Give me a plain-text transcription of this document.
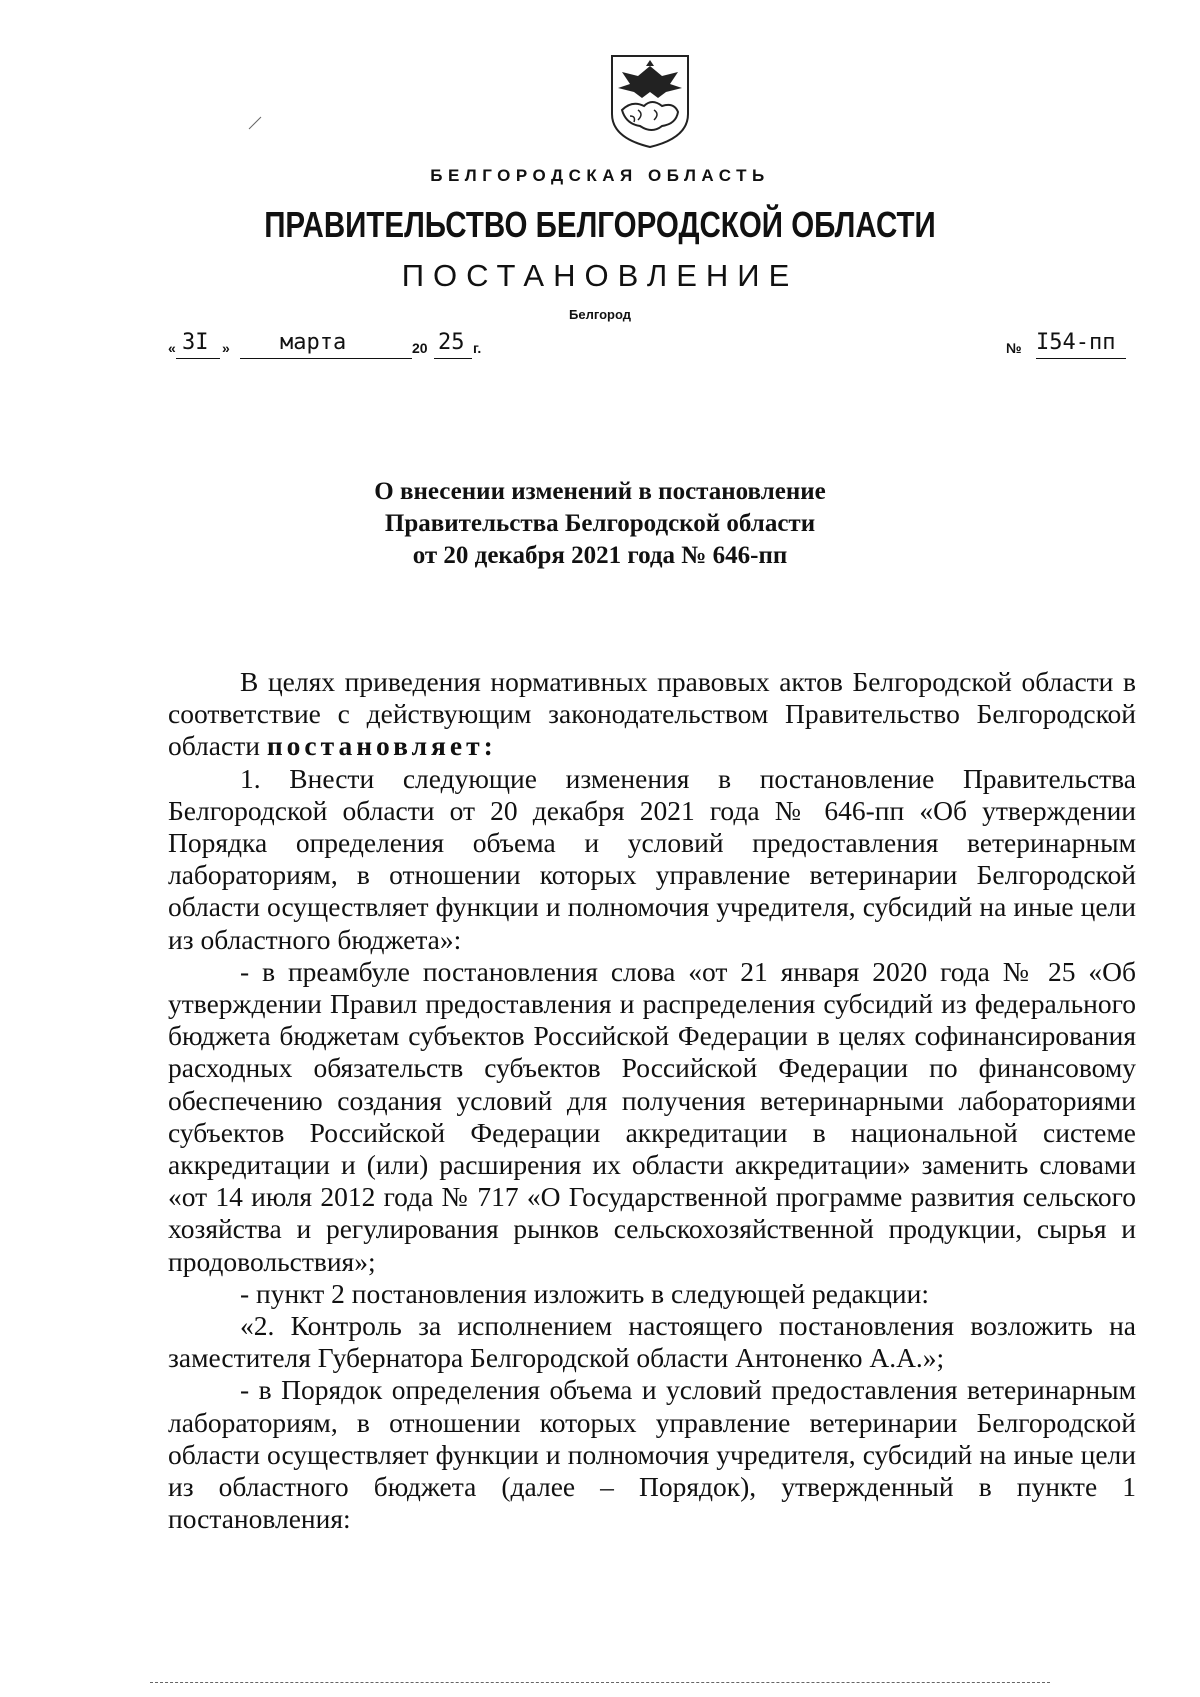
БЕЛГОРОДСКАЯ ОБЛАСТЬ
ПРАВИТЕЛЬСТВО БЕЛГОРОДСКОЙ ОБЛАСТИ
ПОСТАНОВЛЕНИЕ
Белгород
« 3I » марта	20 25 г.	№ I54-пп
О внесении изменений в постановление
Правительства Белгородской области
от 20 декабря 2021 года № 646-пп

В целях приведения нормативных правовых актов Белгородской области в соответствие с действующим законодательством Правительство Белгородской области постановляет:

1. Внести следующие изменения в постановление Правительства Белгородской области от 20 декабря 2021 года № 646-пп «Об утверждении Порядка определения объема и условий предоставления ветеринарным лабораториям, в отношении которых управление ветеринарии Белгородской области осуществляет функции и полномочия учредителя, субсидий на иные цели из областного бюджета»:

- в преамбуле постановления слова «от 21 января 2020 года № 25 «Об утверждении Правил предоставления и распределения субсидий из федерального бюджета бюджетам субъектов Российской Федерации в целях софинансирования расходных обязательств субъектов Российской Федерации по финансовому обеспечению создания условий для получения ветеринарными лабораториями субъектов Российской Федерации аккредитации в национальной системе аккредитации и (или) расширения их области аккредитации» заменить словами «от 14 июля 2012 года № 717 «О Государственной программе развития сельского хозяйства и регулирования рынков сельскохозяйственной продукции, сырья и продовольствия»;

- пункт 2 постановления изложить в следующей редакции:

«2. Контроль за исполнением настоящего постановления возложить на заместителя Губернатора Белгородской области Антоненко А.А.»;

- в Порядок определения объема и условий предоставления ветеринарным лабораториям, в отношении которых управление ветеринарии Белгородской области осуществляет функции и полномочия учредителя, субсидий на иные цели из областного бюджета (далее – Порядок), утвержденный в пункте 1 постановления:
